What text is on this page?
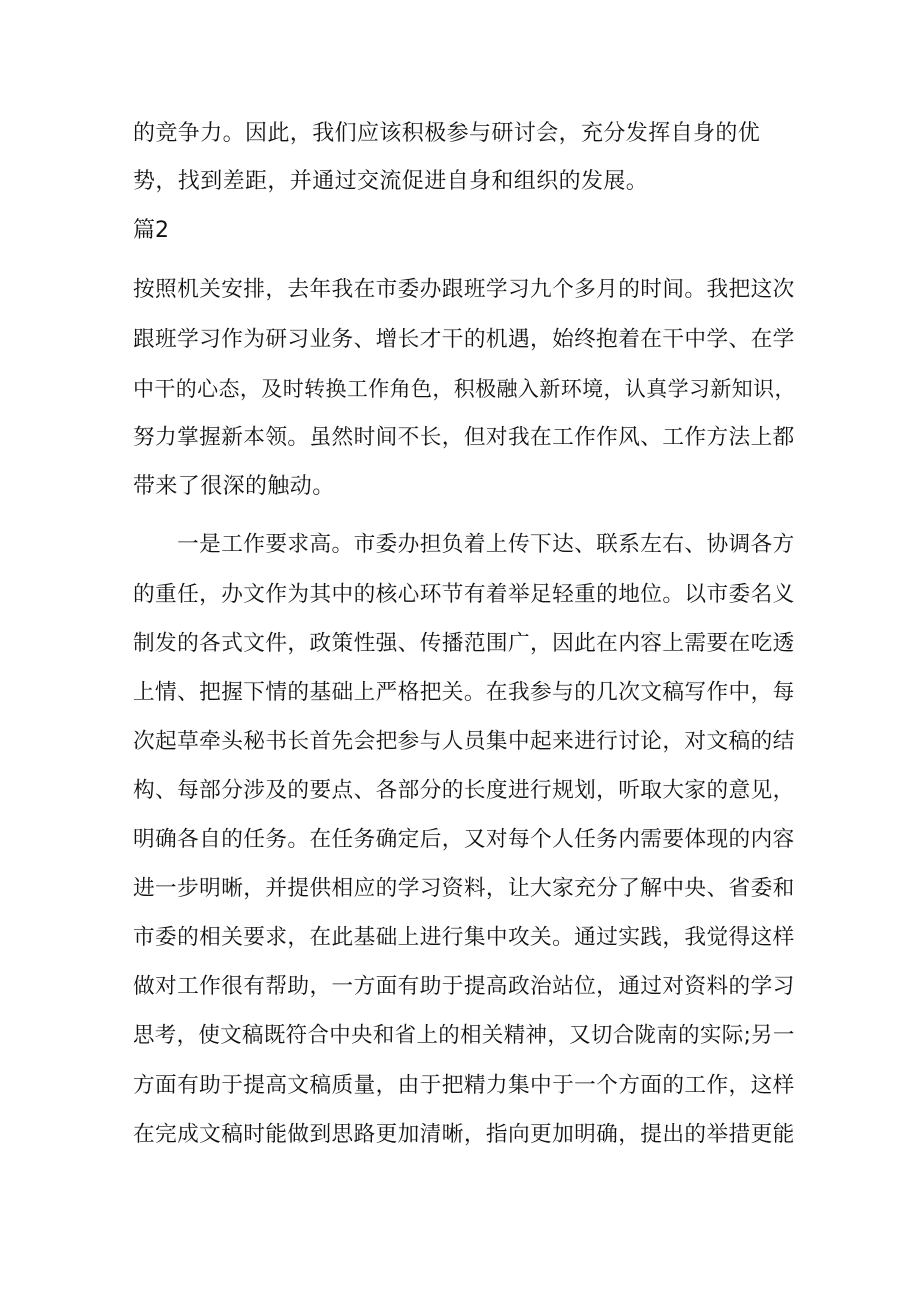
的竞争力。因此，我们应该积极参与研讨会，充分发挥自身的优
势，找到差距，并通过交流促进自身和组织的发展。
篇2
按照机关安排，去年我在市委办跟班学习九个多月的时间。我把这次
跟班学习作为研习业务、增长才干的机遇，始终抱着在干中学、在学
中干的心态，及时转换工作角色，积极融入新环境，认真学习新知识，
努力掌握新本领。虽然时间不长，但对我在工作作风、工作方法上都
带来了很深的触动。
　　一是工作要求高。市委办担负着上传下达、联系左右、协调各方
的重任，办文作为其中的核心环节有着举足轻重的地位。以市委名义
制发的各式文件，政策性强、传播范围广，因此在内容上需要在吃透
上情、把握下情的基础上严格把关。在我参与的几次文稿写作中，每
次起草牵头秘书长首先会把参与人员集中起来进行讨论，对文稿的结
构、每部分涉及的要点、各部分的长度进行规划，听取大家的意见，
明确各自的任务。在任务确定后，又对每个人任务内需要体现的内容
进一步明晰，并提供相应的学习资料，让大家充分了解中央、省委和
市委的相关要求，在此基础上进行集中攻关。通过实践，我觉得这样
做对工作很有帮助，一方面有助于提高政治站位，通过对资料的学习
思考，使文稿既符合中央和省上的相关精神，又切合陇南的实际;另一
方面有助于提高文稿质量，由于把精力集中于一个方面的工作，这样
在完成文稿时能做到思路更加清晰，指向更加明确，提出的举措更能
